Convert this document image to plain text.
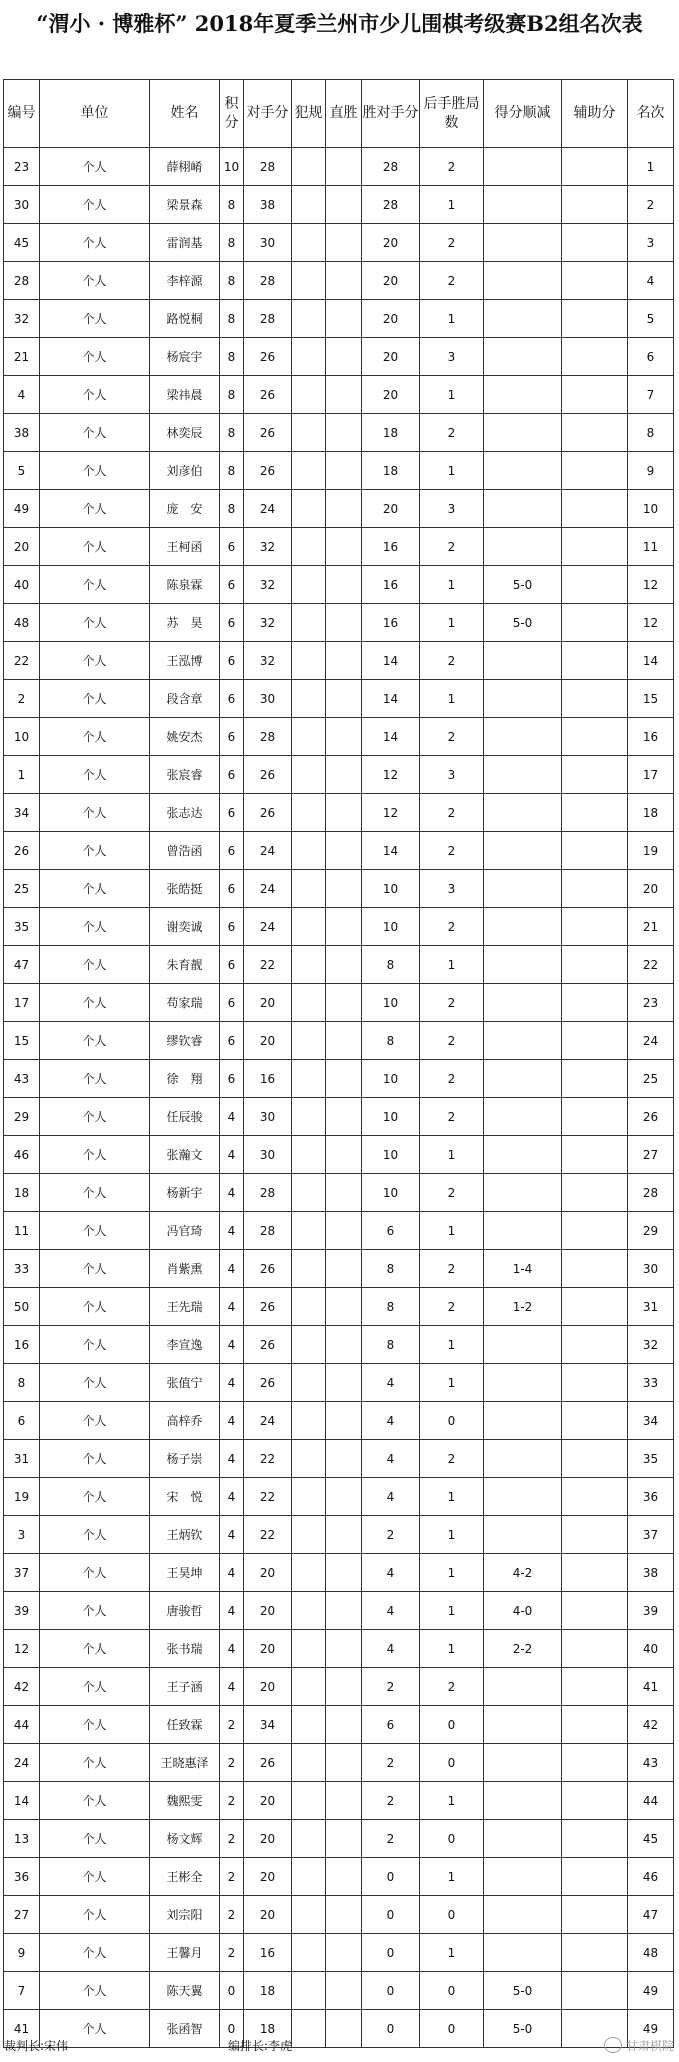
“渭小 · 博雅杯” 2018年夏季兰州市少儿围棋考级赛B2组名次表
编号	单位	姓名	积分	对手分	犯规	直胜	胜对手分	后手胜局数	得分顺减	辅助分	名次
23	个人	薛栩崤	10	28			28	2			1
30	个人	梁景森	8	38			28	1			2
45	个人	雷润基	8	30			20	2			3
28	个人	李梓源	8	28			20	2			4
32	个人	路悦桐	8	28			20	1			5
21	个人	杨宸宇	8	26			20	3			6
4	个人	梁祎晨	8	26			20	1			7
38	个人	林奕辰	8	26			18	2			8
5	个人	刘彦伯	8	26			18	1			9
49	个人	庞　安	8	24			20	3			10
20	个人	王柯函	6	32			16	2			11
40	个人	陈泉霖	6	32			16	1	5-0		12
48	个人	苏　昊	6	32			16	1	5-0		12
22	个人	王泓博	6	32			14	2			14
2	个人	段含章	6	30			14	1			15
10	个人	姚安杰	6	28			14	2			16
1	个人	张宸睿	6	26			12	3			17
34	个人	张志达	6	26			12	2			18
26	个人	曾浩函	6	24			14	2			19
25	个人	张皓挺	6	24			10	3			20
35	个人	谢奕诚	6	24			10	2			21
47	个人	朱育靓	6	22			8	1			22
17	个人	苟家瑞	6	20			10	2			23
15	个人	缪钦睿	6	20			8	2			24
43	个人	徐　翔	6	16			10	2			25
29	个人	任辰骏	4	30			10	2			26
46	个人	张瀚文	4	30			10	1			27
18	个人	杨新宇	4	28			10	2			28
11	个人	冯官琦	4	28			6	1			29
33	个人	肖紫熏	4	26			8	2	1-4		30
50	个人	王先瑞	4	26			8	2	1-2		31
16	个人	李宣逸	4	26			8	1			32
8	个人	张值宁	4	26			4	1			33
6	个人	高梓乔	4	24			4	0			34
31	个人	杨子崇	4	22			4	2			35
19	个人	宋　悦	4	22			4	1			36
3	个人	王炳钦	4	22			2	1			37
37	个人	王昊坤	4	20			4	1	4-2		38
39	个人	唐骏哲	4	20			4	1	4-0		39
12	个人	张书瑞	4	20			4	1	2-2		40
42	个人	王子涵	4	20			2	2			41
44	个人	任致霖	2	34			6	0			42
24	个人	王晓惠泽	2	26			2	0			43
14	个人	魏熙雯	2	20			2	1			44
13	个人	杨文辉	2	20			2	0			45
36	个人	王彬全	2	20			0	1			46
27	个人	刘宗阳	2	20			0	0			47
9	个人	王馨月	2	16			0	1			48
7	个人	陈天翼	0	18			0	0	5-0		49
41	个人	张函智	0	18			0	0	5-0		49
裁判长:宋伟	编排长:李虎	甘肃棋院
